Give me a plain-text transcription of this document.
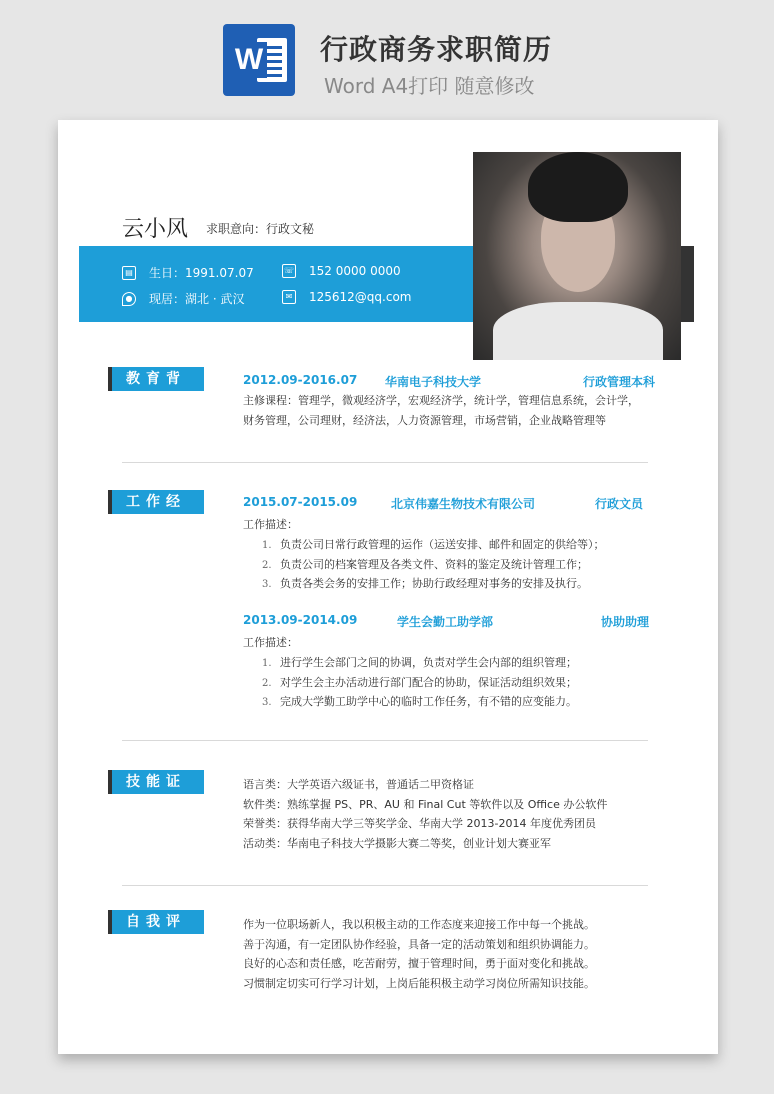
W 行政商务求职简历
Word A4打印 随意修改
云小风 求职意向：行政文秘
▤ 生日：1991.07.07
● 现居：湖北 · 武汉
☏ 152 0000 0000
✉	125612@qq.com
教育背景
2012.09-2016.07 华南电子科技大学	行政管理本科
主修课程：管理学，微观经济学，宏观经济学，统计学，管理信息系统，会计学，
财务管理，公司理财，经济法，人力资源管理，市场营销，企业战略管理等
工作经历
2015.07-2015.09	北京伟嘉生物技术有限公司	行政文员
工作描述：
1. 负责公司日常行政管理的运作（运送安排、邮件和固定的供给等）；
2. 负责公司的档案管理及各类文件、资料的鉴定及统计管理工作；
3. 负责各类会务的安排工作；协助行政经理对事务的安排及执行。
2013.09-2014.09	学生会勤工助学部	协助助理
工作描述：
1. 进行学生会部门之间的协调，负责对学生会内部的组织管理；
2. 对学生会主办活动进行部门配合的协助，保证活动组织效果；
3. 完成大学勤工助学中心的临时工作任务，有不错的应变能力。
技能证书
语言类：大学英语六级证书，普通话二甲资格证
软件类：熟练掌握 PS、PR、AU 和 Final Cut 等软件以及 Office 办公软件
荣誉类：获得华南大学三等奖学金、华南大学 2013-2014 年度优秀团员
活动类：华南电子科技大学摄影大赛二等奖，创业计划大赛亚军
自我评价
作为一位职场新人，我以积极主动的工作态度来迎接工作中每一个挑战。
善于沟通，有一定团队协作经验，具备一定的活动策划和组织协调能力。
良好的心态和责任感，吃苦耐劳，擅于管理时间，勇于面对变化和挑战。
习惯制定切实可行学习计划，上岗后能积极主动学习岗位所需知识技能。
